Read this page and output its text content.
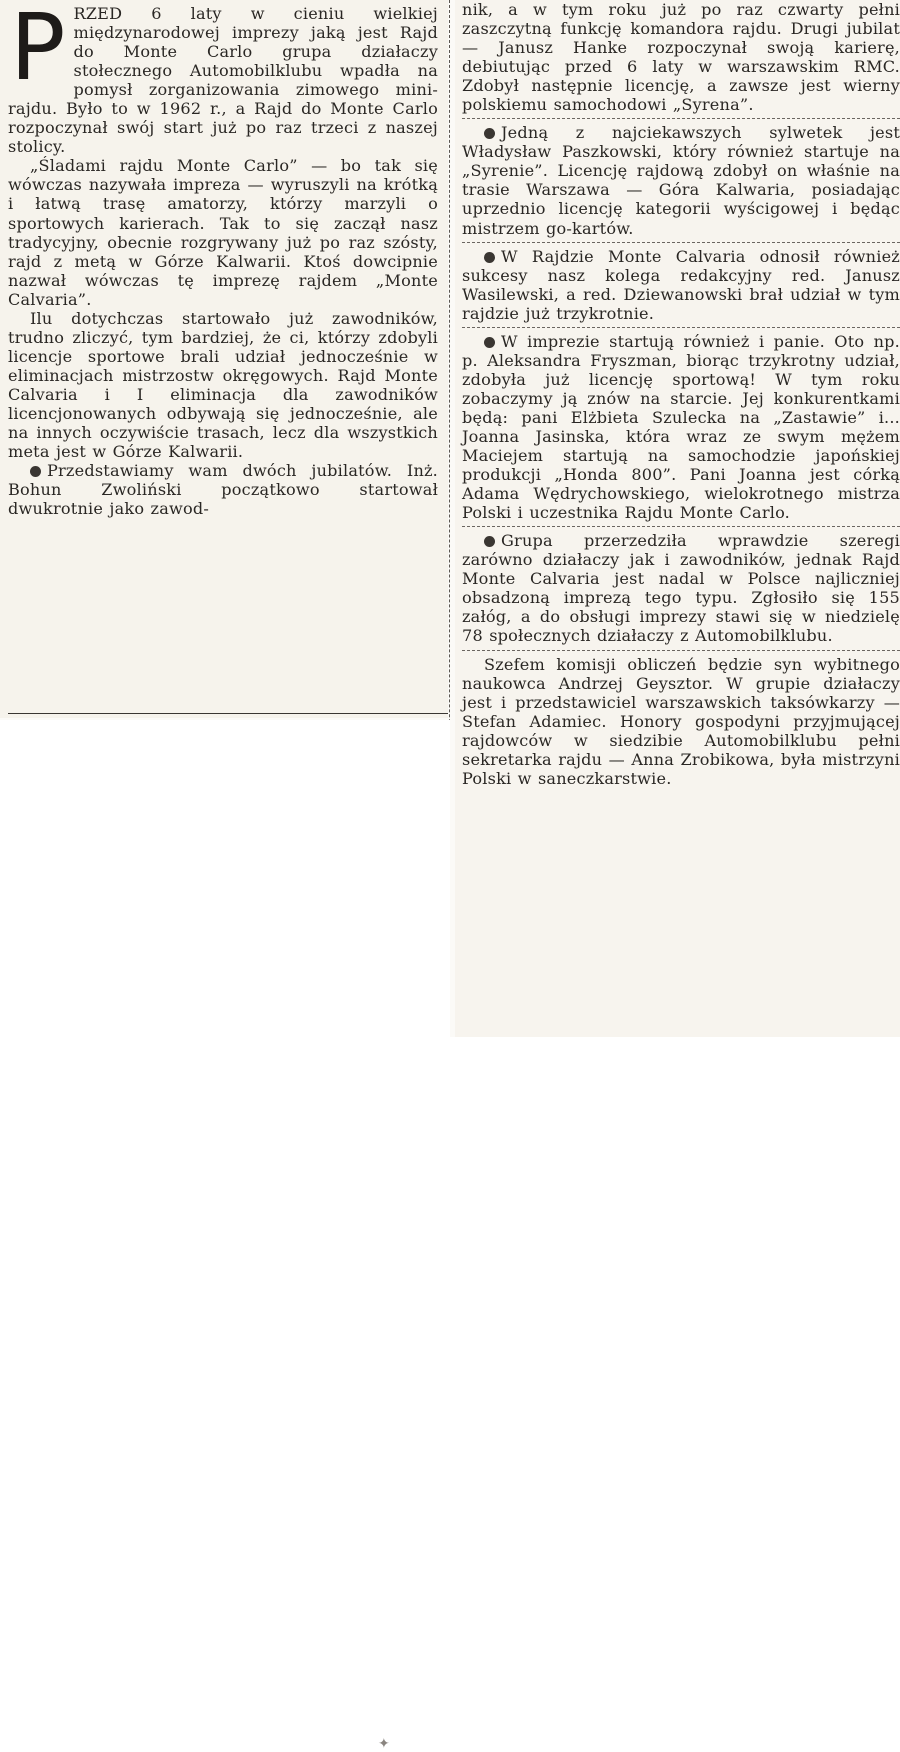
P RZED 6 laty w cieniu wielkiej międzynarodowej imprezy jaką jest Rajd do Monte Carlo grupa działaczy stołecznego Automobilklubu wpadła na pomysł zorganizowania zimowego mini-rajdu. Było to w 1962 r., a Rajd do Monte Carlo rozpoczynał swój start już po raz trzeci z naszej stolicy.

„Śladami rajdu Monte Carlo” — bo tak się wówczas nazywała impreza — wyruszyli na krótką i łatwą trasę amatorzy, którzy marzyli o sportowych karierach. Tak to się zaczął nasz tradycyjny, obecnie rozgrywany już po raz szósty, rajd z metą w Górze Kalwarii. Ktoś dowcipnie nazwał wówczas tę imprezę rajdem „Monte Calvaria”.

Ilu dotychczas startowało już zawodników, trudno zliczyć, tym bardziej, że ci, którzy zdobyli licencje sportowe brali udział jednocześnie w eliminacjach mistrzostw okręgowych. Rajd Monte Calvaria i I eliminacja dla zawodników licencjonowanych odbywają się jednocześnie, ale na innych oczywiście trasach, lecz dla wszystkich meta jest w Górze Kalwarii.

Przedstawiamy wam dwóch jubilatów. Inż. Bohun Zwoliński początkowo startował dwukrotnie jako zawod-

✦

nik, a w tym roku już po raz czwarty pełni zaszczytną funkcję komandora rajdu. Drugi jubilat — Janusz Hanke rozpoczynał swoją karierę, debiutując przed 6 laty w warszawskim RMC. Zdobył następnie licencję, a zawsze jest wierny polskiemu samochodowi „Syrena”.

Jedną z najciekawszych sylwetek jest Władysław Paszkowski, który również startuje na „Syrenie”. Licencję rajdową zdobył on właśnie na trasie Warszawa — Góra Kalwaria, posiadając uprzednio licencję kategorii wyścigowej i będąc mistrzem go-kartów.

W Rajdzie Monte Calvaria odnosił również sukcesy nasz kolega redakcyjny red. Janusz Wasilewski, a red. Dziewanowski brał udział w tym rajdzie już trzykrotnie.

W imprezie startują również i panie. Oto np. p. Aleksandra Fryszman, biorąc trzykrotny udział, zdobyła już licencję sportową! W tym roku zobaczymy ją znów na starcie. Jej konkurentkami będą: pani Elżbieta Szulecka na „Zastawie” i... Joanna Jasinska, która wraz ze swym mężem Maciejem startują na samochodzie japońskiej produkcji „Honda 800”. Pani Joanna jest córką Adama Wędrychowskiego, wielokrotnego mistrza Polski i uczestnika Rajdu Monte Carlo.

Grupa przerzedziła wprawdzie szeregi zarówno działaczy jak i zawodników, jednak Rajd Monte Calvaria jest nadal w Polsce najliczniej obsadzoną imprezą tego typu. Zgłosiło się 155 załóg, a do obsługi imprezy stawi się w niedzielę 78 społecznych działaczy z Automobilklubu.

Szefem komisji obliczeń będzie syn wybitnego naukowca Andrzej Geysztor. W grupie działaczy jest i przedstawiciel warszawskich taksówkarzy — Stefan Adamiec. Honory gospodyni przyjmującej rajdowców w siedzibie Automobilklubu pełni sekretarka rajdu — Anna Zrobikowa, była mistrzyni Polski w saneczkarstwie.
